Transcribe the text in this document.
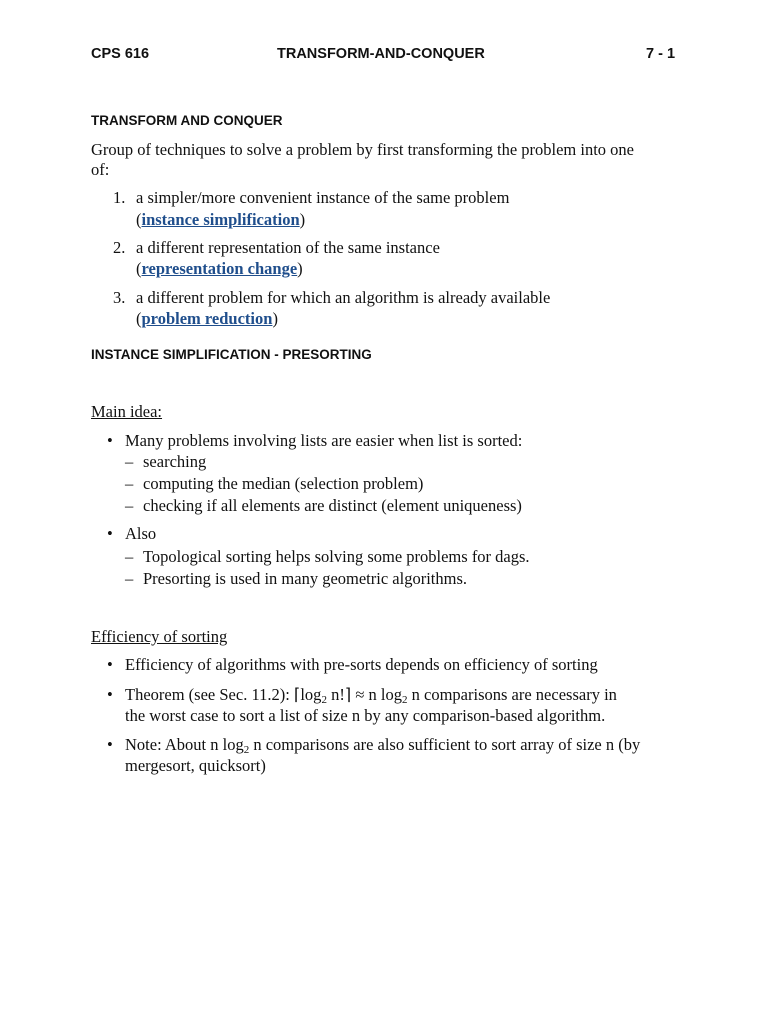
CPS 616	TRANSFORM-AND-CONQUER	7 - 1
TRANSFORM AND CONQUER
Group of techniques to solve a problem by first transforming the problem into one
of:
1. a simpler/more convenient instance of the same problem
(instance simplification)
2. a different representation of the same instance
(representation change)
3. a different problem for which an algorithm is already available
(problem reduction)
INSTANCE SIMPLIFICATION - PRESORTING
Main idea:
• Many problems involving lists are easier when list is sorted:
– searching
– computing the median (selection problem)
– checking if all elements are distinct (element uniqueness)
• Also
– Topological sorting helps solving some problems for dags.
– Presorting is used in many geometric algorithms.
Efficiency of sorting
• Efficiency of algorithms with pre-sorts depends on efficiency of sorting
• Theorem (see Sec. 11.2): $⌈\log_2$ n!⌉ ≈ n $\log_2 n$ comparisons are necessary in
the worst case to sort a list of size n by any comparison-based algorithm.
• Note: About n $\log_2 n$ comparisons are also sufficient to sort array of size n (by
mergesort, quicksort)
